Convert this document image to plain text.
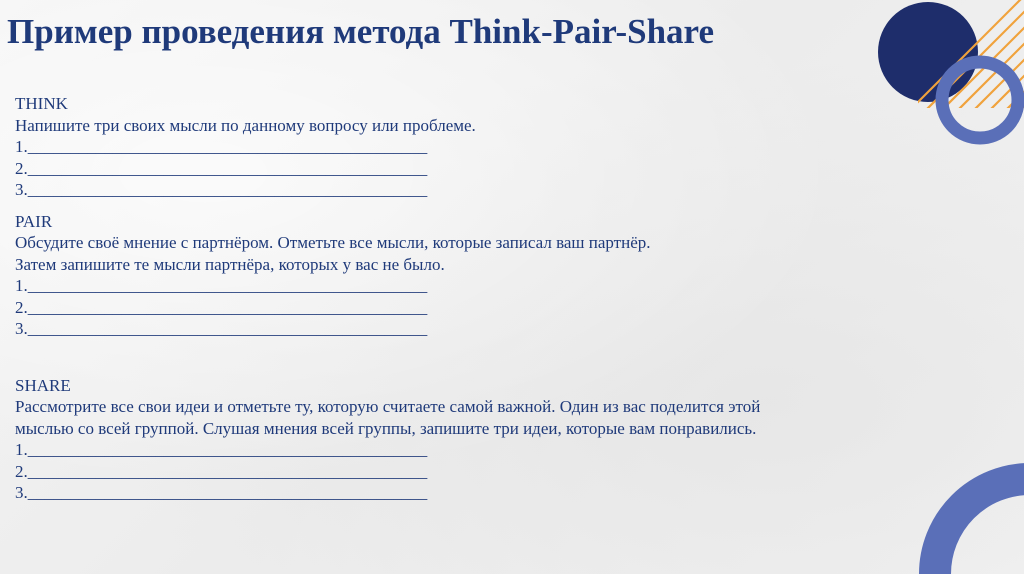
Пример проведения метода Think-Pair-Share
THINK
Напишите три своих мысли по данному вопросу или проблеме.
1._______________________________________________
2._______________________________________________
3._______________________________________________
PAIR
Обсудите своё мнение с партнёром. Отметьте все мысли, которые записал ваш партнёр.
Затем запишите те мысли партнёра, которых у вас не было.
1._______________________________________________
2._______________________________________________
3._______________________________________________
SHARE
Рассмотрите все свои идеи и отметьте ту, которую считаете самой важной. Один из вас поделится этой
мыслью со всей группой. Слушая мнения всей группы, запишите три идеи, которые вам понравились.
1._______________________________________________
2._______________________________________________
3._______________________________________________
